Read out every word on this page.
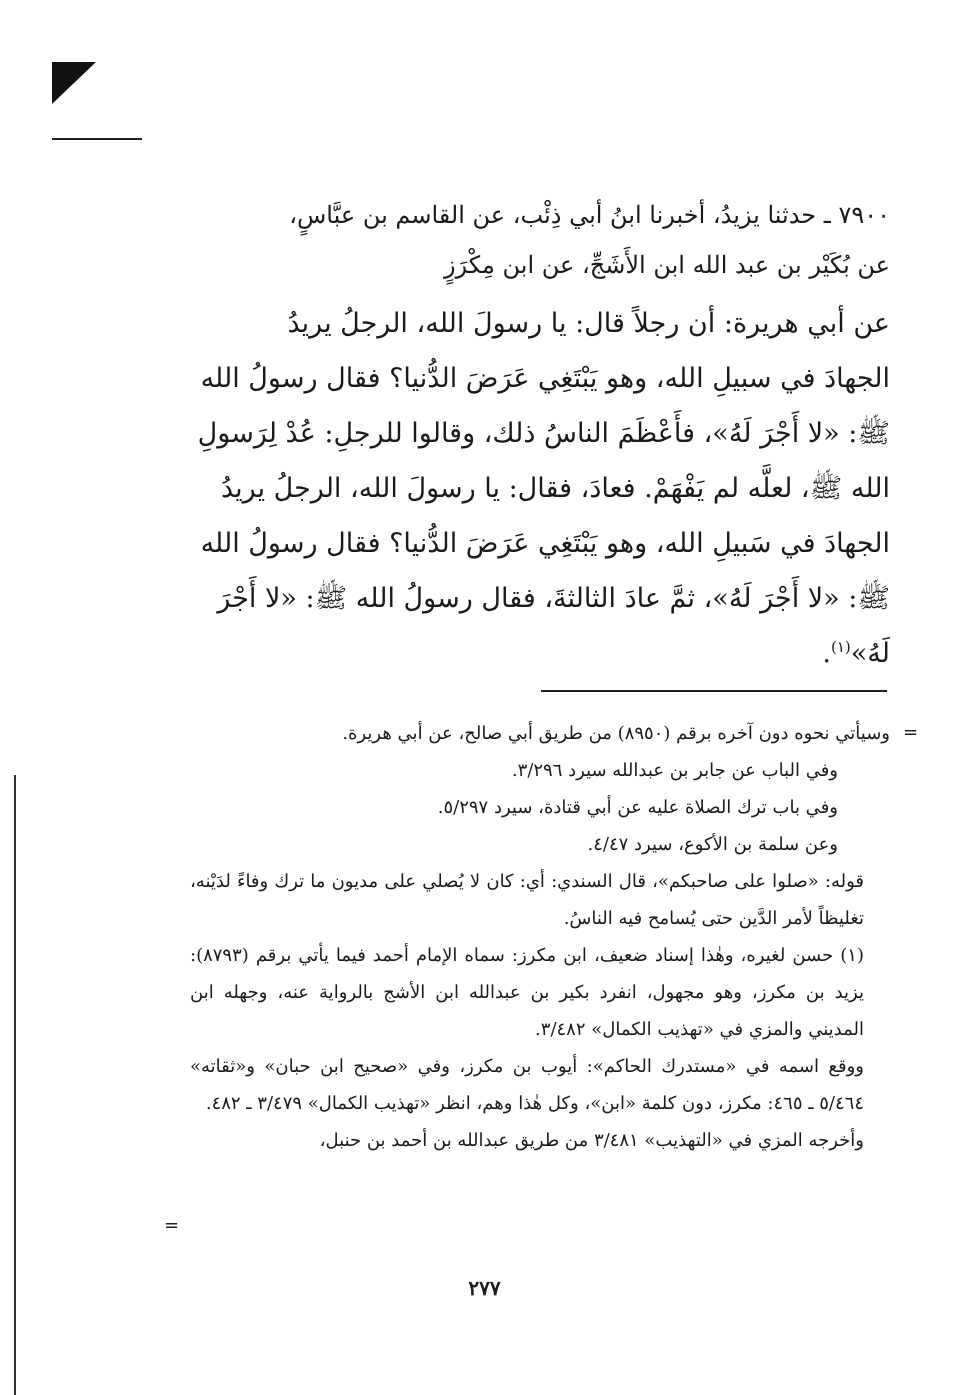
٧٩٠٠ ـ حدثنا يزيدُ، أخبرنا ابنُ أبي ذِئْب، عن القاسم بن عبَّاسٍ،

عن بُكَيْر بن عبد الله ابن الأَشَجِّ، عن ابن مِكْرَزٍ

عن أبي هريرة: أن رجلاً قال: يا رسولَ الله، الرجلُ يريدُ

الجهادَ في سبيلِ الله، وهو يَبْتَغِي عَرَضَ الدُّنيا؟ فقال رسولُ الله

ﷺ: «لا أَجْرَ لَهُ»، فأَعْظَمَ الناسُ ذلك، وقالوا للرجلِ: عُدْ لِرَسولِ

الله ﷺ، لعلَّه لم يَفْهَمْ. فعادَ، فقال: يا رسولَ الله، الرجلُ يريدُ

الجهادَ في سَبيلِ الله، وهو يَبْتَغِي عَرَضَ الدُّنيا؟ فقال رسولُ الله

ﷺ: «لا أَجْرَ لَهُ»، ثمَّ عادَ الثالثةَ، فقال رسولُ الله ﷺ: «لا أَجْرَ

لَهُ»$^{(١)}$.

=

وسيأتي نحوه دون آخره برقم (٨٩٥٠) من طريق أبي صالح، عن أبي هريرة.

وفي الباب عن جابر بن عبدالله سيرد ٣/٢٩٦.

وفي باب ترك الصلاة عليه عن أبي قتادة، سيرد ٥/٢٩٧.

وعن سلمة بن الأكوع، سيرد ٤/٤٧.

قوله: «صلوا على صاحبكم»، قال السندي: أي: كان لا يُصلي على مديون ما ترك وفاءً لدَيْنه، تغليظاً لأمر الدَّين حتى يُسامح فيه الناسُ.

(١) حسن لغيره، وهٰذا إسناد ضعيف، ابن مكرز: سماه الإمام أحمد فيما يأتي برقم (٨٧٩٣): يزيد بن مكرز، وهو مجهول، انفرد بكير بن عبدالله ابن الأشج بالرواية عنه، وجهله ابن المديني والمزي في «تهذيب الكمال» ٣/٤٨٢.

ووقع اسمه في «مستدرك الحاكم»: أيوب بن مكرز، وفي «صحيح ابن حبان» و«ثقاته» ٥/٤٦٤ ـ ٤٦٥: مكرز، دون كلمة «ابن»، وكل هٰذا وهم، انظر «تهذيب الكمال» ٣/٤٧٩ ـ ٤٨٢.

وأخرجه المزي في «التهذيب» ٣/٤٨١ من طريق عبدالله بن أحمد بن حنبل،

=
٢٧٧
